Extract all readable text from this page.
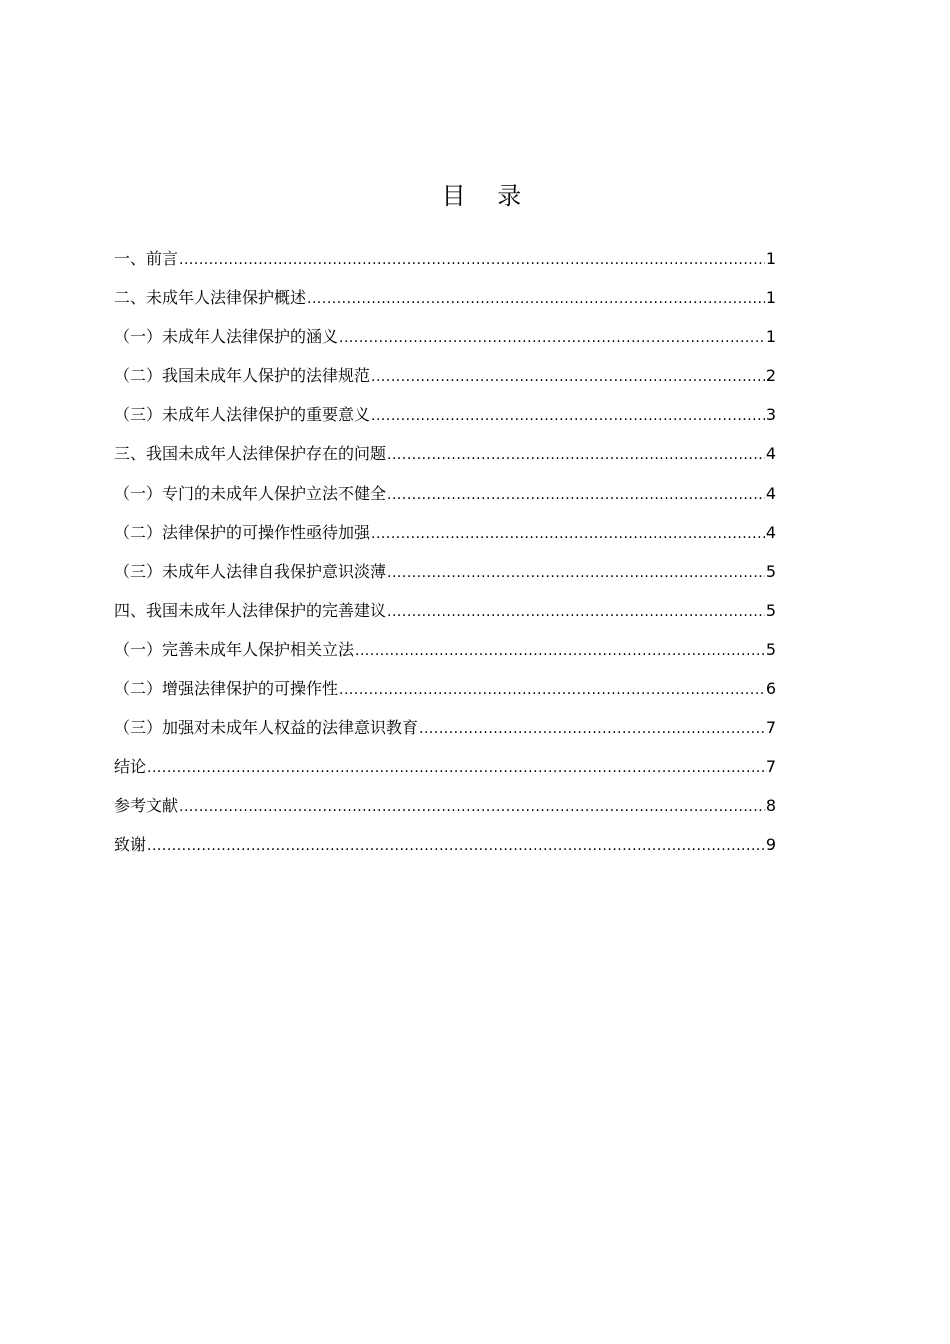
目 录
一、前言 .....	1
二、未成年人法律保护概述 .....	1
（一）未成年人法律保护的涵义 .....	1
（二）我国未成年人保护的法律规范 .....	2
（三）未成年人法律保护的重要意义 .....	3
三、我国未成年人法律保护存在的问题 .....	4
（一）专门的未成年人保护立法不健全 .....	4
（二）法律保护的可操作性亟待加强 .....	4
（三）未成年人法律自我保护意识淡薄 .....	5
四、我国未成年人法律保护的完善建议 .....	5
（一）完善未成年人保护相关立法 .....	5
（二）增强法律保护的可操作性 .....	6
（三）加强对未成年人权益的法律意识教育 .....	7
结论 .....	7
参考文献 .....	8
致谢 .....	9
